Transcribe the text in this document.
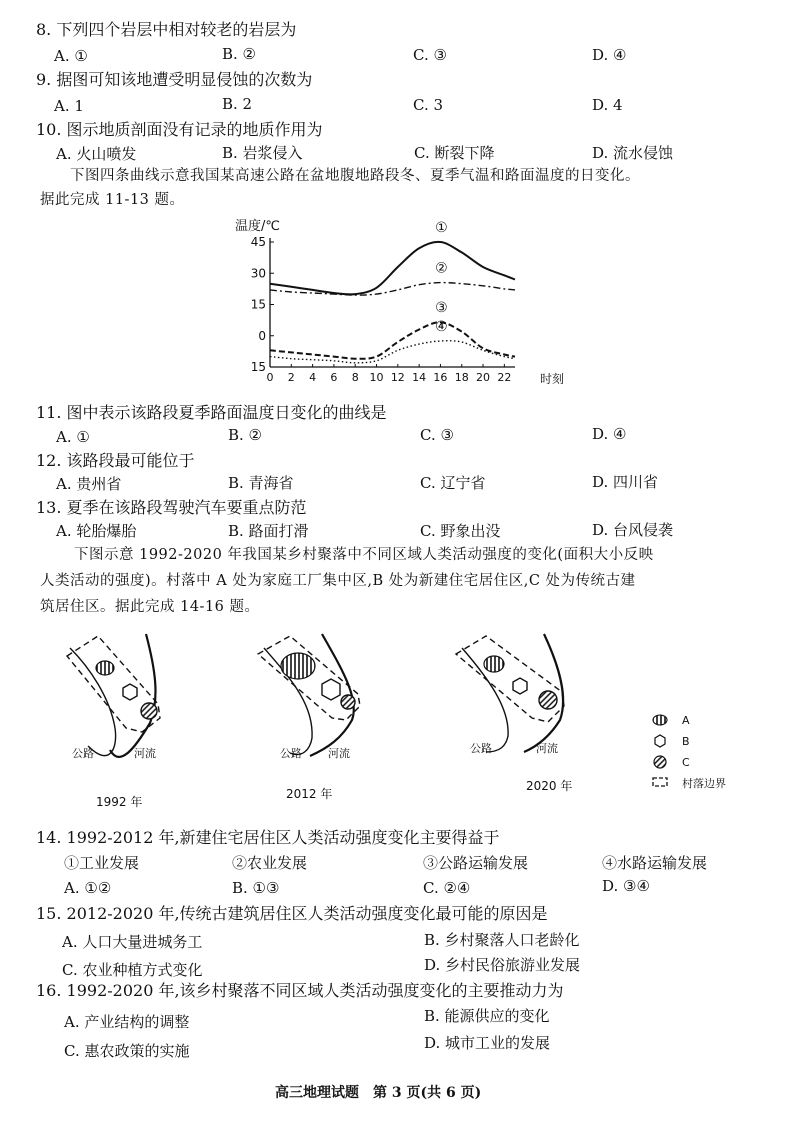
8. 下列四个岩层中相对较老的岩层为
A. ①	B. ②	C. ③	D. ④
9. 据图可知该地遭受明显侵蚀的次数为
A. 1	B. 2	C. 3	D. 4
10. 图示地质剖面没有记录的地质作用为
A. 火山喷发	B. 岩浆侵入	C. 断裂下降	D. 流水侵蚀
下图四条曲线示意我国某高速公路在盆地腹地路段冬、夏季气温和路面温度的日变化。
据此完成 11-13 题。
温度/℃
45
30
15
0
15
0 2 4 6 8 10 12 14 16 18 20 22
①
②
③
④
时刻
11. 图中表示该路段夏季路面温度日变化的曲线是
A. ①	B. ②	C. ③	D. ④
12. 该路段最可能位于
A. 贵州省	B. 青海省	C. 辽宁省	D. 四川省
13. 夏季在该路段驾驶汽车要重点防范
A. 轮胎爆胎	B. 路面打滑	C. 野象出没	D. 台风侵袭
下图示意 1992-2020 年我国某乡村聚落中不同区域人类活动强度的变化(面积大小反映
人类活动的强度)。村落中 A 处为家庭工厂集中区,B 处为新建住宅居住区,C 处为传统古建
筑居住区。据此完成 14-16 题。
公路	河流
1992 年
公路 河流
2012 年
公路	河流
2020 年
A
B
C
村落边界
14. 1992-2012 年,新建住宅居住区人类活动强度变化主要得益于
①工业发展	②农业发展	③公路运输发展	④水路运输发展
A. ①②	B. ①③	C. ②④	D. ③④
15. 2012-2020 年,传统古建筑居住区人类活动强度变化最可能的原因是
A. 人口大量进城务工	B. 乡村聚落人口老龄化
C. 农业种植方式变化	D. 乡村民俗旅游业发展
16. 1992-2020 年,该乡村聚落不同区域人类活动强度变化的主要推动力为
A. 产业结构的调整	B. 能源供应的变化
C. 惠农政策的实施	D. 城市工业的发展
高三地理试题　第 3 页(共 6 页)
